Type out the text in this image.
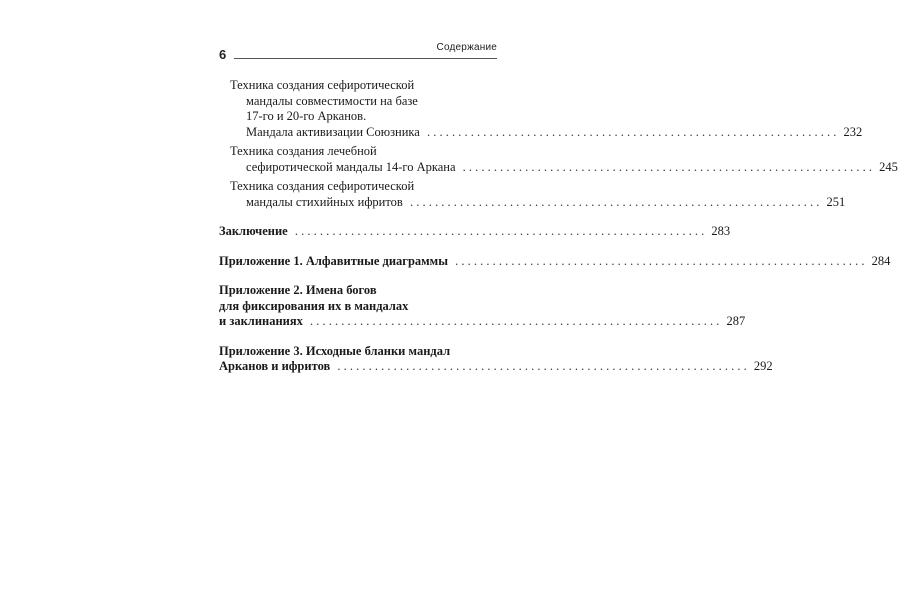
6	Содержание
Техника создания сефиротической
мандалы совместимости на базе
17-го и 20-го Арканов.
Мандала активизации Союзника . . .	232
Техника создания лечебной
сефиротической мандалы 14-го Аркана . . .	245
Техника создания сефиротической
мандалы стихийных ифритов . . .	251
Заключение . . .	283
Приложение 1. Алфавитные диаграммы . . .	284
Приложение 2. Имена богов
для фиксирования их в мандалах
и заклинаниях . . .	287
Приложение 3. Исходные бланки мандал
Арканов и ифритов . . .	292
